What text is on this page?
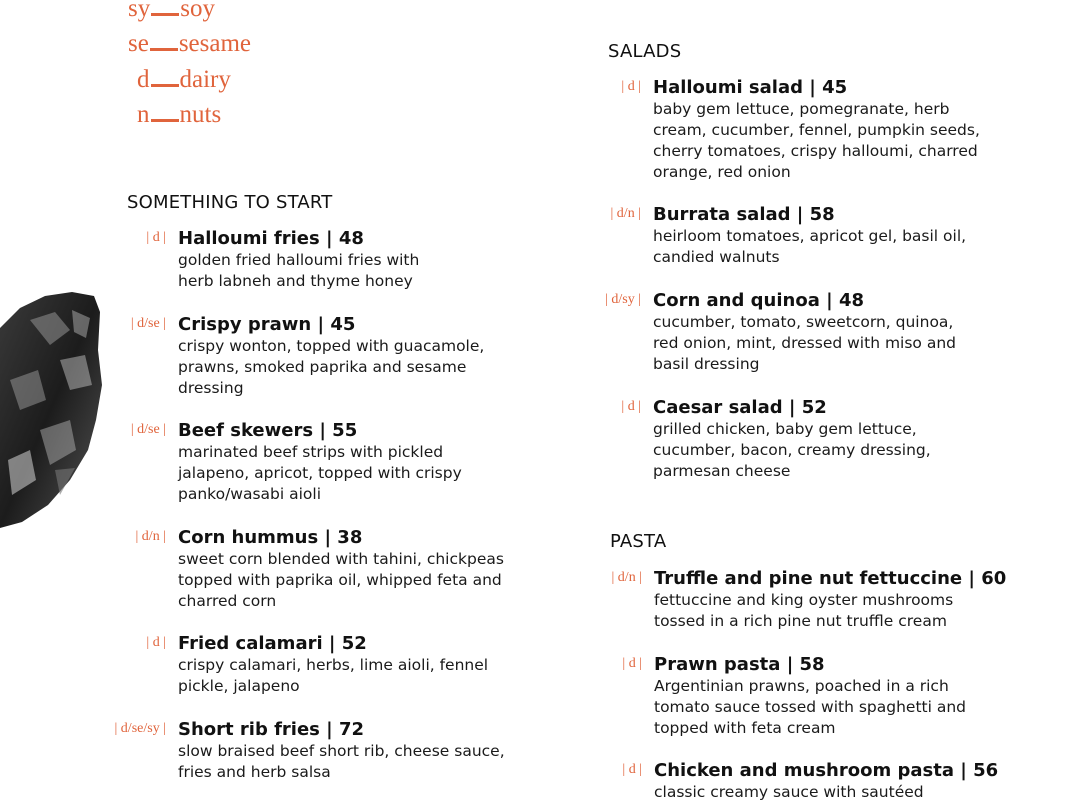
sy soy
se sesame
d dairy
n nuts
SOMETHING TO START
| d | Halloumi fries | 48
golden fried halloumi fries with
herb labneh and thyme honey
| d/se | Crispy prawn | 45
crispy wonton, topped with guacamole,
prawns, smoked paprika and sesame
dressing
| d/se | Beef skewers | 55
marinated beef strips with pickled
jalapeno, apricot, topped with crispy
panko/wasabi aioli
| d/n | Corn hummus | 38
sweet corn blended with tahini, chickpeas
topped with paprika oil, whipped feta and
charred corn
| d | Fried calamari | 52
crispy calamari, herbs, lime aioli, fennel
pickle, jalapeno
| d/se/sy | Short rib fries | 72
slow braised beef short rib, cheese sauce,
fries and herb salsa
SALADS
| d | Halloumi salad | 45
baby gem lettuce, pomegranate, herb
cream, cucumber, fennel, pumpkin seeds,
cherry tomatoes, crispy halloumi, charred
orange, red onion
| d/n | Burrata salad | 58
heirloom tomatoes, apricot gel, basil oil,
candied walnuts
| d/sy | Corn and quinoa | 48
cucumber, tomato, sweetcorn, quinoa,
red onion, mint, dressed with miso and
basil dressing
| d | Caesar salad | 52
grilled chicken, baby gem lettuce,
cucumber, bacon, creamy dressing,
parmesan cheese
PASTA
| d/n | Truffle and pine nut fettuccine | 60
fettuccine and king oyster mushrooms
tossed in a rich pine nut truffle cream
| d | Prawn pasta | 58
Argentinian prawns, poached in a rich
tomato sauce tossed with spaghetti and
topped with feta cream
| d | Chicken and mushroom pasta | 56
classic creamy sauce with sautéed
